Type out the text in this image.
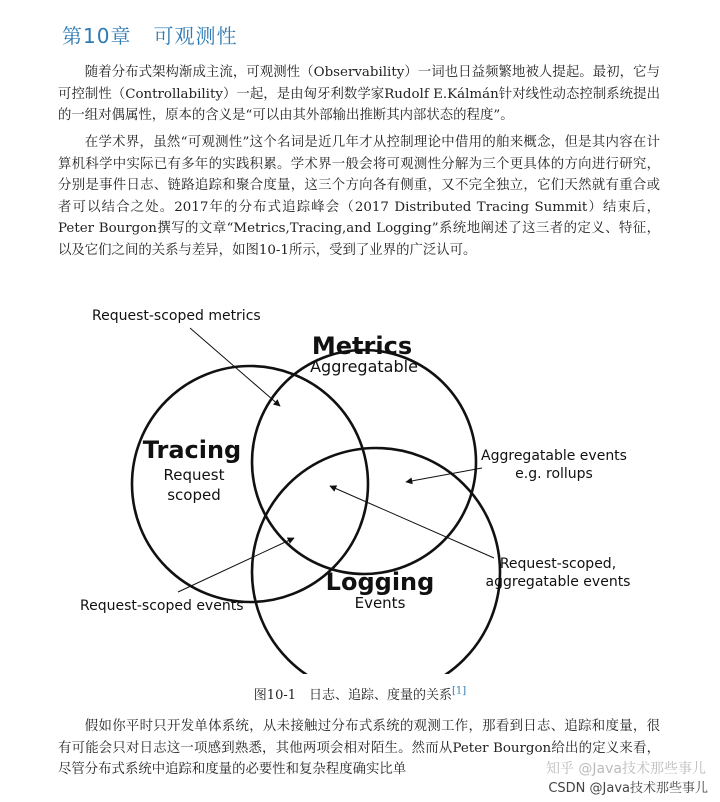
第10章 可观测性

随着分布式架构渐成主流，可观测性（Observability）一词也日益频繁地被人提起。最初，它与可控制性（Controllability）一起，是由匈牙利数学家Rudolf E.Kálmán针对线性动态控制系统提出的一组对偶属性，原本的含义是“可以由其外部输出推断其内部状态的程度”。

在学术界，虽然“可观测性”这个名词是近几年才从控制理论中借用的舶来概念，但是其内容在计算机科学中实际已有多年的实践积累。学术界一般会将可观测性分解为三个更具体的方向进行研究，分别是事件日志、链路追踪和聚合度量，这三个方向各有侧重，又不完全独立，它们天然就有重合或者可以结合之处。2017年的分布式追踪峰会（2017 Distributed Tracing Summit）结束后，Peter Bourgon撰写的文章“Metrics,Tracing,and Logging”系统地阐述了这三者的定义、特征，以及它们之间的关系与差异，如图10-1所示，受到了业界的广泛认可。

Metrics
Aggregatable
Tracing
Request
scoped
Logging
Events
Request-scoped metrics
Aggregatable events
e.g. rollups
Request-scoped,
aggregatable events
Request-scoped events
图10-1　日志、追踪、度量的关系[1]

假如你平时只开发单体系统，从未接触过分布式系统的观测工作，那看到日志、追踪和度量，很有可能会只对日志这一项感到熟悉，其他两项会相对陌生。然而从Peter Bourgon给出的定义来看，尽管分布式系统中追踪和度量的必要性和复杂程度确实比单	知乎 @Java技术那些事儿
CSDN @Java技术那些事儿
